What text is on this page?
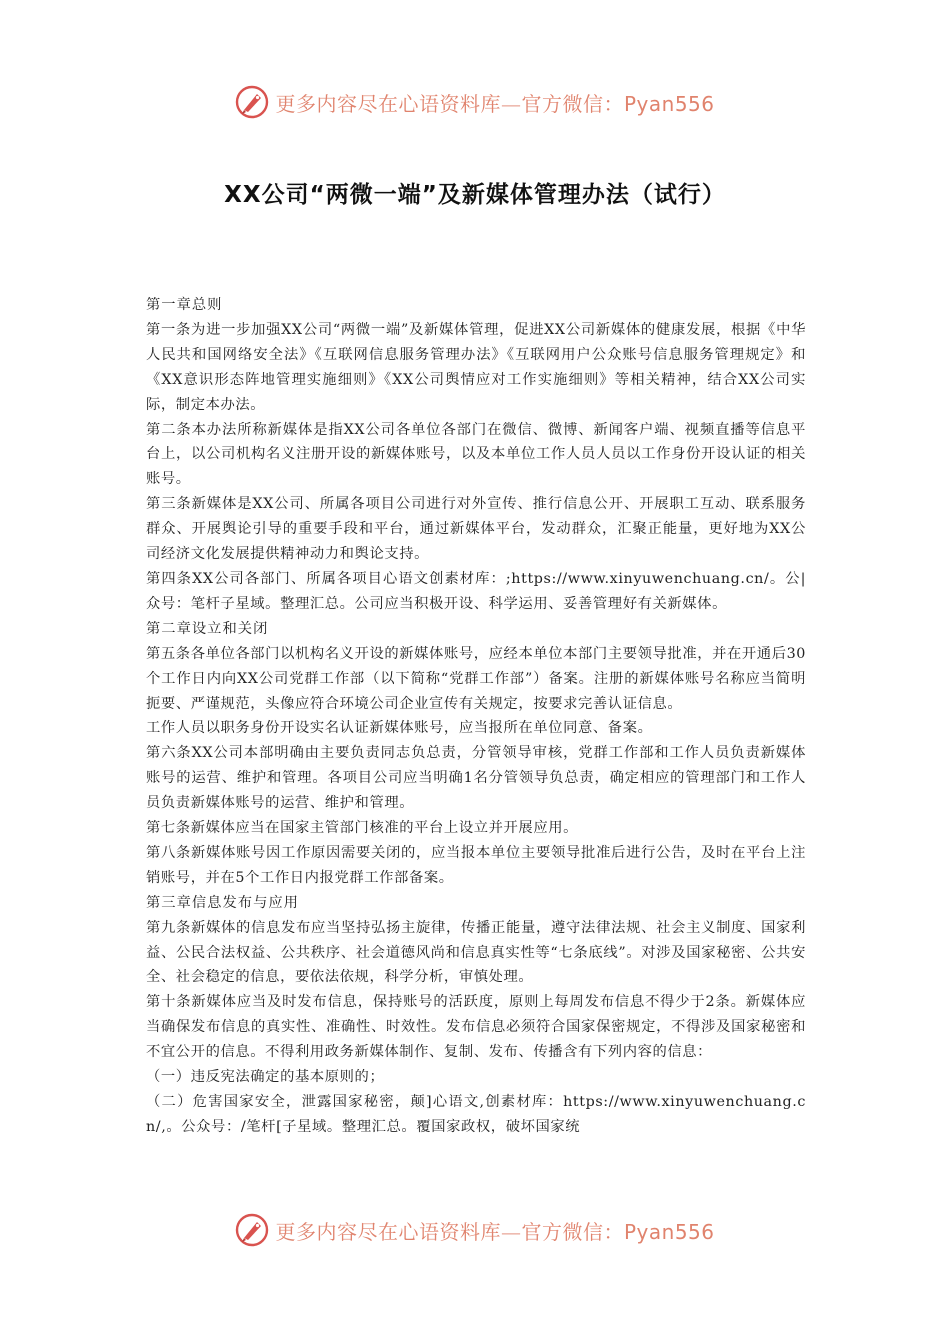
更多内容尽在心语资料库—官方微信：Pyan556
XX公司“两微一端”及新媒体管理办法（试行）

第一章总则

第一条为进一步加强XX公司“两微一端”及新媒体管理，促进XX公司新媒体的健康发展，根据《中华人民共和国网络安全法》《互联网信息服务管理办法》《互联网用户公众账号信息服务管理规定》和《XX意识形态阵地管理实施细则》《XX公司舆情应对工作实施细则》等相关精神，结合XX公司实际，制定本办法。

第二条本办法所称新媒体是指XX公司各单位各部门在微信、微博、新闻客户端、视频直播等信息平台上，以公司机构名义注册开设的新媒体账号，以及本单位工作人员人员以工作身份开设认证的相关账号。

第三条新媒体是XX公司、所属各项目公司进行对外宣传、推行信息公开、开展职工互动、联系服务群众、开展舆论引导的重要手段和平台，通过新媒体平台，发动群众，汇聚正能量，更好地为XX公司经济文化发展提供精神动力和舆论支持。

第四条XX公司各部门、所属各项目心语文创素材库：;https://www.xinyuwenchuang.cn/。公|众号：笔杆子星域。整理汇总。公司应当积极开设、科学运用、妥善管理好有关新媒体。

第二章设立和关闭

第五条各单位各部门以机构名义开设的新媒体账号，应经本单位本部门主要领导批准，并在开通后30个工作日内向XX公司党群工作部（以下简称“党群工作部”）备案。注册的新媒体账号名称应当简明扼要、严谨规范，头像应符合环境公司企业宣传有关规定，按要求完善认证信息。

工作人员以职务身份开设实名认证新媒体账号，应当报所在单位同意、备案。

第六条XX公司本部明确由主要负责同志负总责，分管领导审核，党群工作部和工作人员负责新媒体账号的运营、维护和管理。各项目公司应当明确1名分管领导负总责，确定相应的管理部门和工作人员负责新媒体账号的运营、维护和管理。

第七条新媒体应当在国家主管部门核准的平台上设立并开展应用。

第八条新媒体账号因工作原因需要关闭的，应当报本单位主要领导批准后进行公告，及时在平台上注销账号，并在5个工作日内报党群工作部备案。

第三章信息发布与应用

第九条新媒体的信息发布应当坚持弘扬主旋律，传播正能量，遵守法律法规、社会主义制度、国家利益、公民合法权益、公共秩序、社会道德风尚和信息真实性等“七条底线”。对涉及国家秘密、公共安全、社会稳定的信息，要依法依规，科学分析，审慎处理。

第十条新媒体应当及时发布信息，保持账号的活跃度，原则上每周发布信息不得少于2条。新媒体应当确保发布信息的真实性、准确性、时效性。发布信息必须符合国家保密规定，不得涉及国家秘密和不宜公开的信息。不得利用政务新媒体制作、复制、发布、传播含有下列内容的信息：

（一）违反宪法确定的基本原则的；

（二）危害国家安全，泄露国家秘密，颠]心语文,创素材库：https://www.xinyuwenchuang.cn/,。公众号：/笔杆[子星域。整理汇总。覆国家政权，破坏国家统

更多内容尽在心语资料库—官方微信：Pyan556
